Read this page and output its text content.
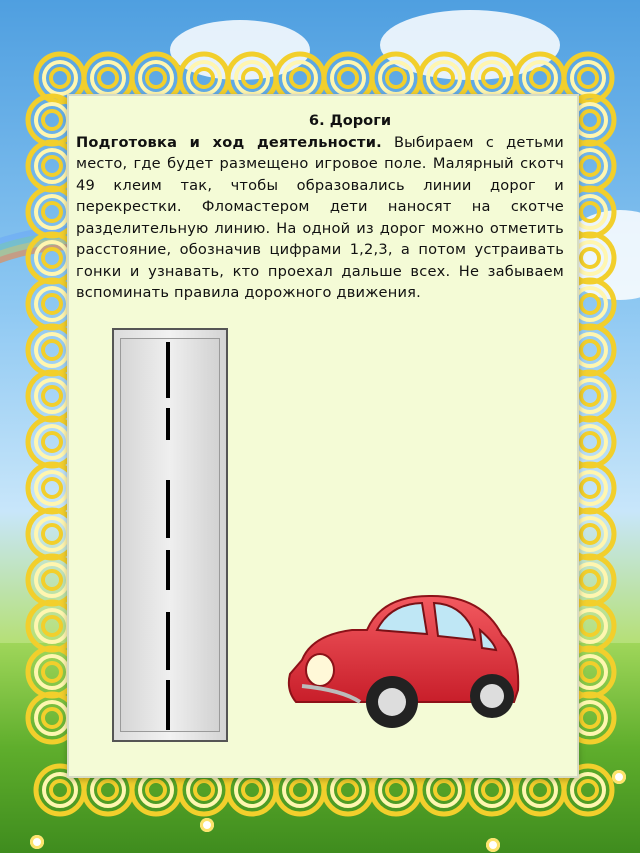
6. Дороги
Подготовка и ход деятельности. Выбираем с детьми место, где будет размещено игровое поле. Малярный скотч 49 клеим так, чтобы образовались линии дорог и перекрестки. Фломастером дети наносят на скотче разделительную линию. На одной из дорог можно отметить расстояние, обозначив цифрами 1,2,3, а потом устраивать гонки и узнавать, кто проехал дальше всех. Не забываем вспоминать правила дорожного движения.
